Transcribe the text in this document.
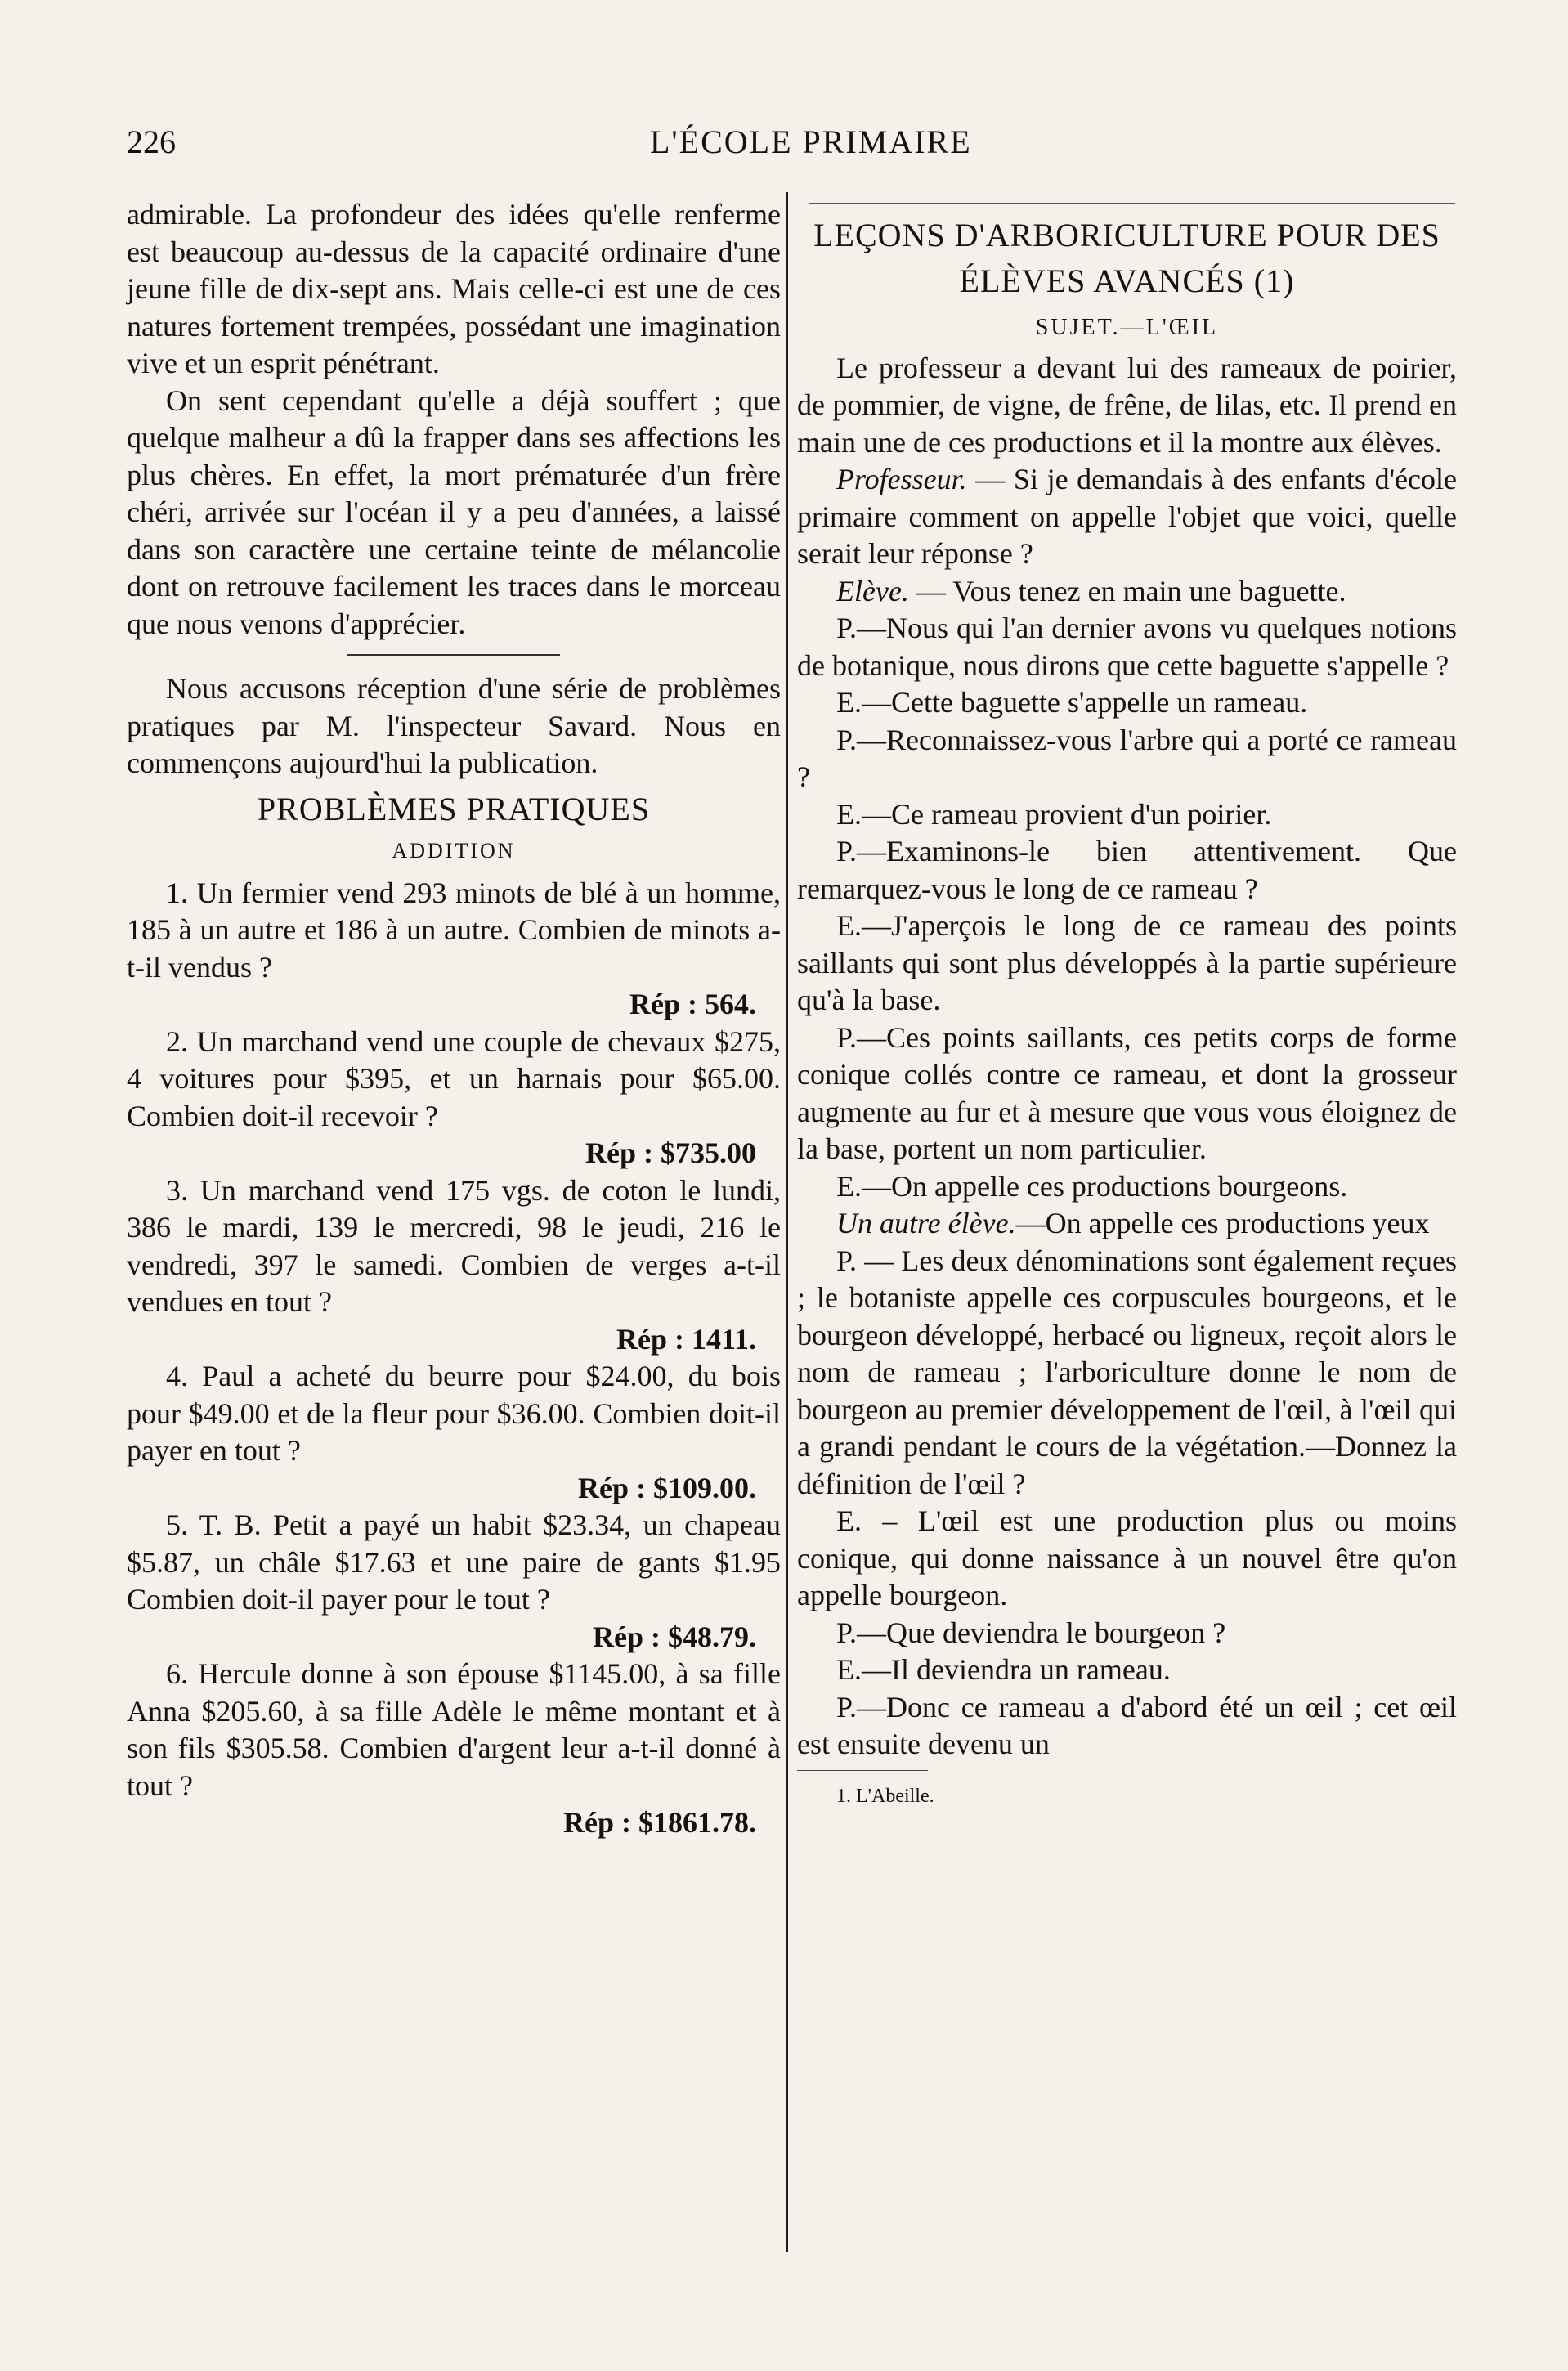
226	L'ÉCOLE PRIMAIRE

admirable. La profondeur des idées qu'elle renferme est beaucoup au-dessus de la capacité ordinaire d'une jeune fille de dix-sept ans. Mais celle-ci est une de ces natures fortement trempées, possédant une imagination vive et un esprit pénétrant.

On sent cependant qu'elle a déjà souffert ; que quelque malheur a dû la frapper dans ses affections les plus chères. En effet, la mort prématurée d'un frère chéri, arrivée sur l'océan il y a peu d'années, a laissé dans son caractère une certaine teinte de mélancolie dont on retrouve facilement les traces dans le morceau que nous venons d'apprécier.

Nous accusons réception d'une série de problèmes pratiques par M. l'inspecteur Savard. Nous en commençons aujourd'hui la publication.

PROBLÈMES PRATIQUES

ADDITION

1. Un fermier vend 293 minots de blé à un homme, 185 à un autre et 186 à un autre. Combien de minots a-t-il vendus ?

Rép : 564.

2. Un marchand vend une couple de chevaux $275, 4 voitures pour $395, et un harnais pour $65.00. Combien doit-il recevoir ?

Rép : $735.00

3. Un marchand vend 175 vgs. de coton le lundi, 386 le mardi, 139 le mercredi, 98 le jeudi, 216 le vendredi, 397 le samedi. Combien de verges a-t-il vendues en tout ?

Rép : 1411.

4. Paul a acheté du beurre pour $24.00, du bois pour $49.00 et de la fleur pour $36.00. Combien doit-il payer en tout ?

Rép : $109.00.

5. T. B. Petit a payé un habit $23.34, un chapeau $5.87, un châle $17.63 et une paire de gants $1.95 Combien doit-il payer pour le tout ?

Rép : $48.79.

6. Hercule donne à son épouse $1145.00, à sa fille Anna $205.60, à sa fille Adèle le même montant et à son fils $305.58. Combien d'argent leur a-t-il donné à tout ?

Rép : $1861.78.

LEÇONS D'ARBORICULTURE POUR DES ÉLÈVES AVANCÉS (1)

SUJET.—L'ŒIL

Le professeur a devant lui des rameaux de poirier, de pommier, de vigne, de frêne, de lilas, etc. Il prend en main une de ces productions et il la montre aux élèves.

Professeur. — Si je demandais à des enfants d'école primaire comment on appelle l'objet que voici, quelle serait leur réponse ?

Elève. — Vous tenez en main une baguette.

P.—Nous qui l'an dernier avons vu quelques notions de botanique, nous dirons que cette baguette s'appelle ?

E.—Cette baguette s'appelle un rameau.

P.—Reconnaissez-vous l'arbre qui a porté ce rameau ?

E.—Ce rameau provient d'un poirier.

P.—Examinons-le bien attentivement. Que remarquez-vous le long de ce rameau ?

E.—J'aperçois le long de ce rameau des points saillants qui sont plus développés à la partie supérieure qu'à la base.

P.—Ces points saillants, ces petits corps de forme conique collés contre ce rameau, et dont la grosseur augmente au fur et à mesure que vous vous éloignez de la base, portent un nom particulier.

E.—On appelle ces productions bourgeons.

Un autre élève.—On appelle ces productions yeux

P. — Les deux dénominations sont également reçues ; le botaniste appelle ces corpuscules bourgeons, et le bourgeon développé, herbacé ou ligneux, reçoit alors le nom de rameau ; l'arboriculture donne le nom de bourgeon au premier développement de l'œil, à l'œil qui a grandi pendant le cours de la végétation.—Donnez la définition de l'œil ?

E. – L'œil est une production plus ou moins conique, qui donne naissance à un nouvel être qu'on appelle bourgeon.

P.—Que deviendra le bourgeon ?

E.—Il deviendra un rameau.

P.—Donc ce rameau a d'abord été un œil ; cet œil est ensuite devenu un

1. L'Abeille.
